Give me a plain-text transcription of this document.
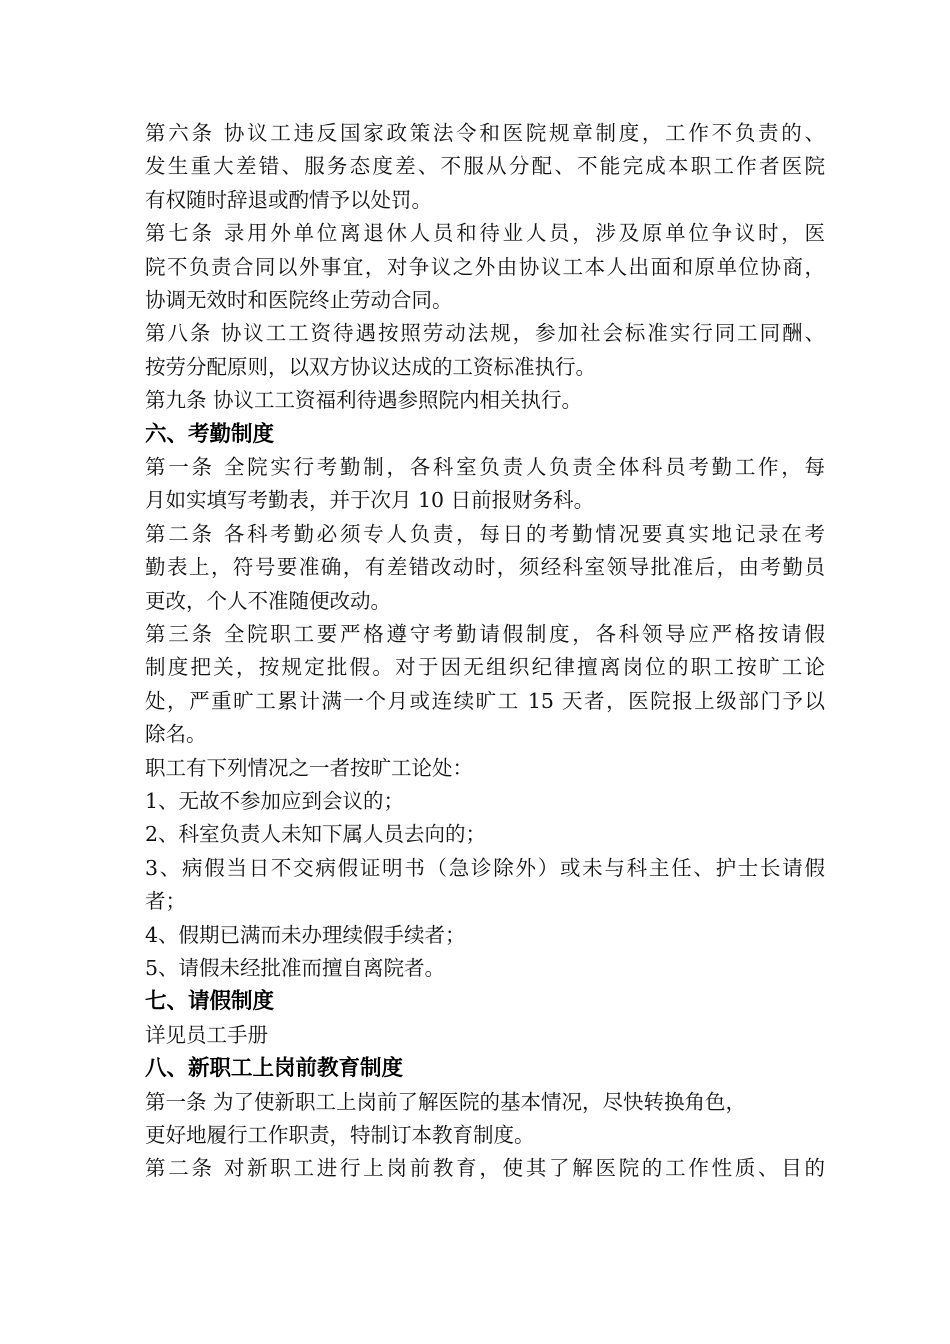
第六条 协议工违反国家政策法令和医院规章制度，工作不负责的、
发生重大差错、服务态度差、不服从分配、不能完成本职工作者医院
有权随时辞退或酌情予以处罚。
第七条 录用外单位离退休人员和待业人员，涉及原单位争议时，医
院不负责合同以外事宜，对争议之外由协议工本人出面和原单位协商，
协调无效时和医院终止劳动合同。
第八条 协议工工资待遇按照劳动法规，参加社会标准实行同工同酬、
按劳分配原则，以双方协议达成的工资标准执行。
第九条 协议工工资福利待遇参照院内相关执行。
六、考勤制度
第一条 全院实行考勤制，各科室负责人负责全体科员考勤工作，每
月如实填写考勤表，并于次月 10 日前报财务科。
第二条 各科考勤必须专人负责，每日的考勤情况要真实地记录在考
勤表上，符号要准确，有差错改动时，须经科室领导批准后，由考勤员
更改，个人不准随便改动。
第三条 全院职工要严格遵守考勤请假制度，各科领导应严格按请假
制度把关，按规定批假。对于因无组织纪律擅离岗位的职工按旷工论
处，严重旷工累计满一个月或连续旷工 15 天者，医院报上级部门予以
除名。
职工有下列情况之一者按旷工论处：
1、无故不参加应到会议的；
2、科室负责人未知下属人员去向的；
3、病假当日不交病假证明书（急诊除外）或未与科主任、护士长请假
者；
4、假期已满而未办理续假手续者；
5、请假未经批准而擅自离院者。
七、请假制度
详见员工手册
八、新职工上岗前教育制度
第一条 为了使新职工上岗前了解医院的基本情况，尽快转换角色，
更好地履行工作职责，特制订本教育制度。
第二条 对新职工进行上岗前教育，使其了解医院的工作性质、目的
